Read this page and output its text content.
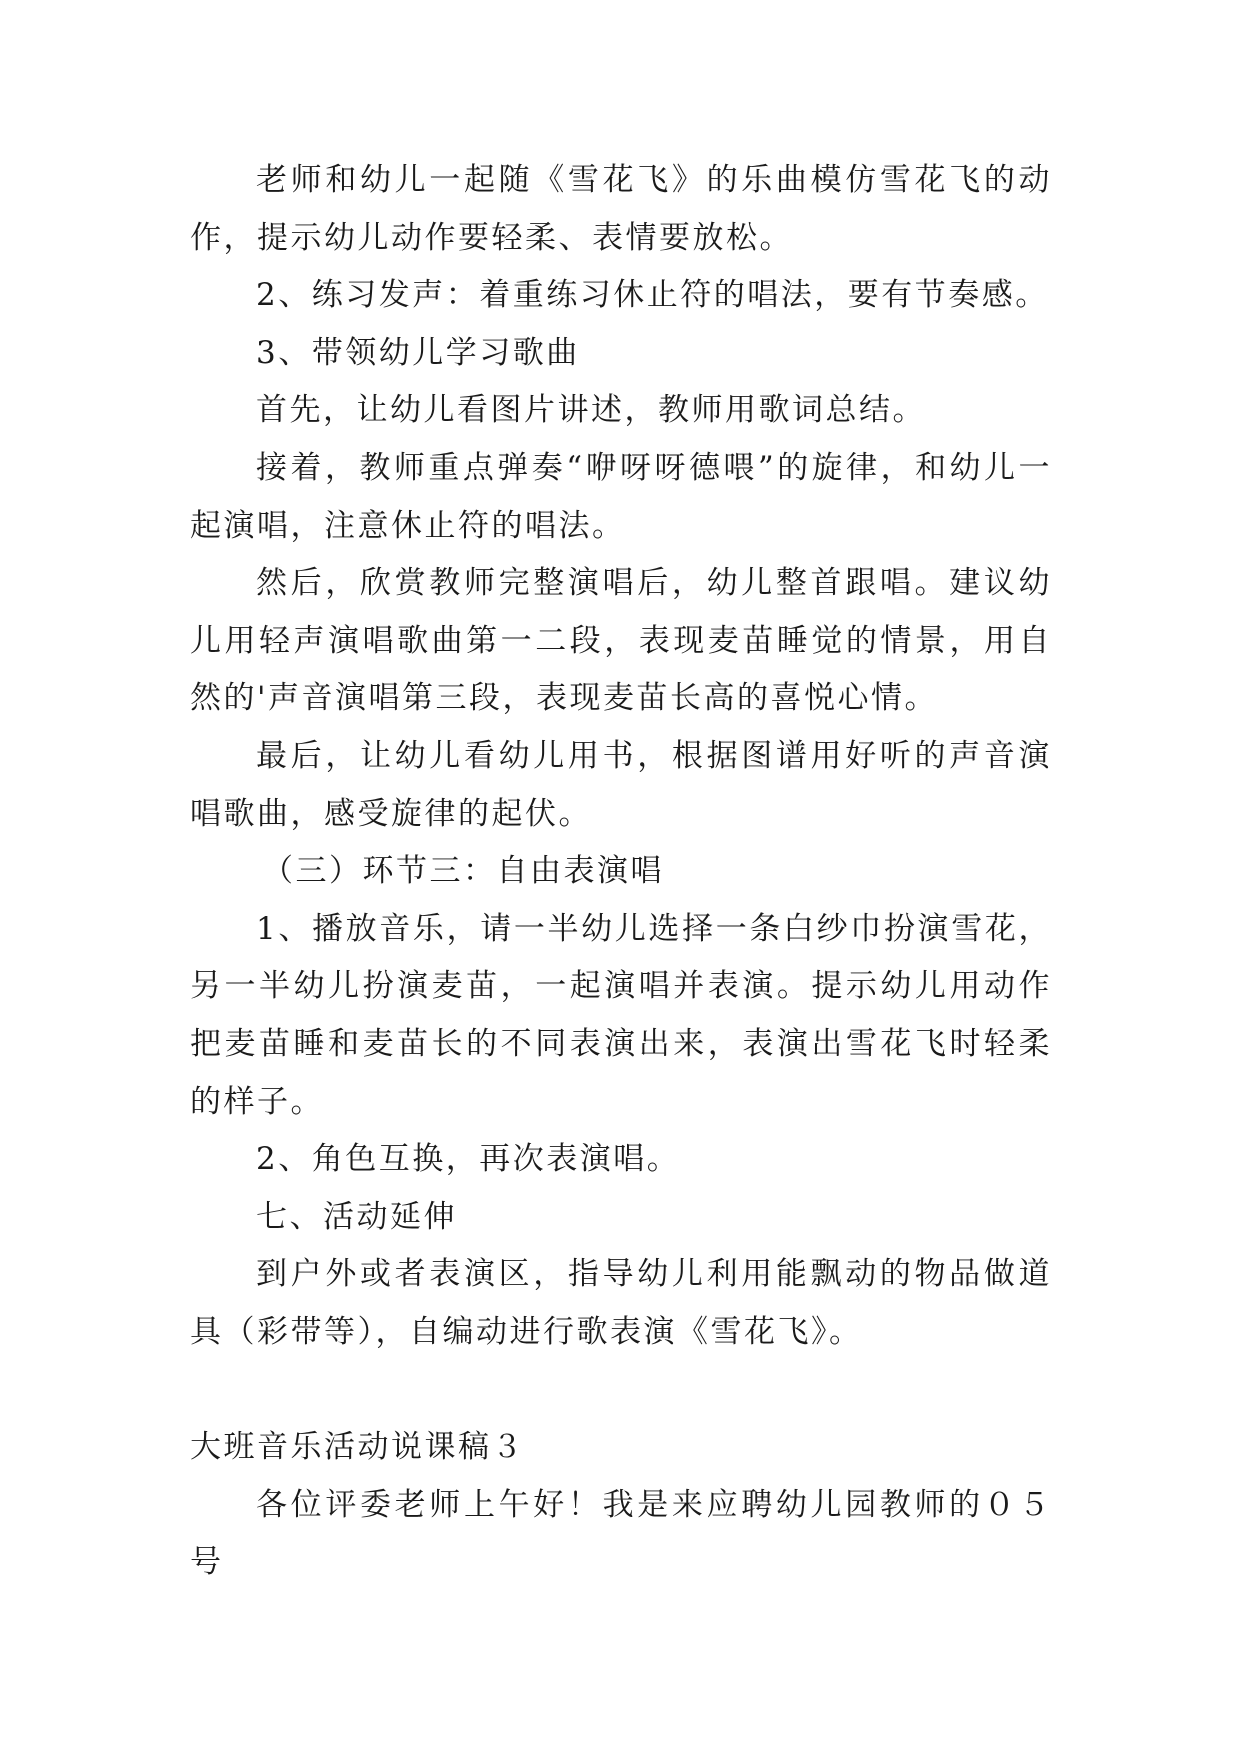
老师和幼儿一起随《雪花飞》的乐曲模仿雪花飞的动作，提示幼儿动作要轻柔、表情要放松。

2、练习发声：着重练习休止符的唱法，要有节奏感。

3、带领幼儿学习歌曲

首先，让幼儿看图片讲述，教师用歌词总结。

接着，教师重点弹奏“咿呀呀德喂”的旋律，和幼儿一起演唱，注意休止符的唱法。

然后，欣赏教师完整演唱后，幼儿整首跟唱。建议幼儿用轻声演唱歌曲第一二段，表现麦苗睡觉的情景，用自然的'声音演唱第三段，表现麦苗长高的喜悦心情。

最后，让幼儿看幼儿用书，根据图谱用好听的声音演唱歌曲，感受旋律的起伏。

（三）环节三：自由表演唱

1、播放音乐，请一半幼儿选择一条白纱巾扮演雪花，另一半幼儿扮演麦苗，一起演唱并表演。提示幼儿用动作把麦苗睡和麦苗长的不同表演出来，表演出雪花飞时轻柔的样子。

2、角色互换，再次表演唱。

七、活动延伸

到户外或者表演区，指导幼儿利用能飘动的物品做道具（彩带等），自编动进行歌表演《雪花飞》。

大班音乐活动说课稿３

各位评委老师上午好！我是来应聘幼儿园教师的０５号
